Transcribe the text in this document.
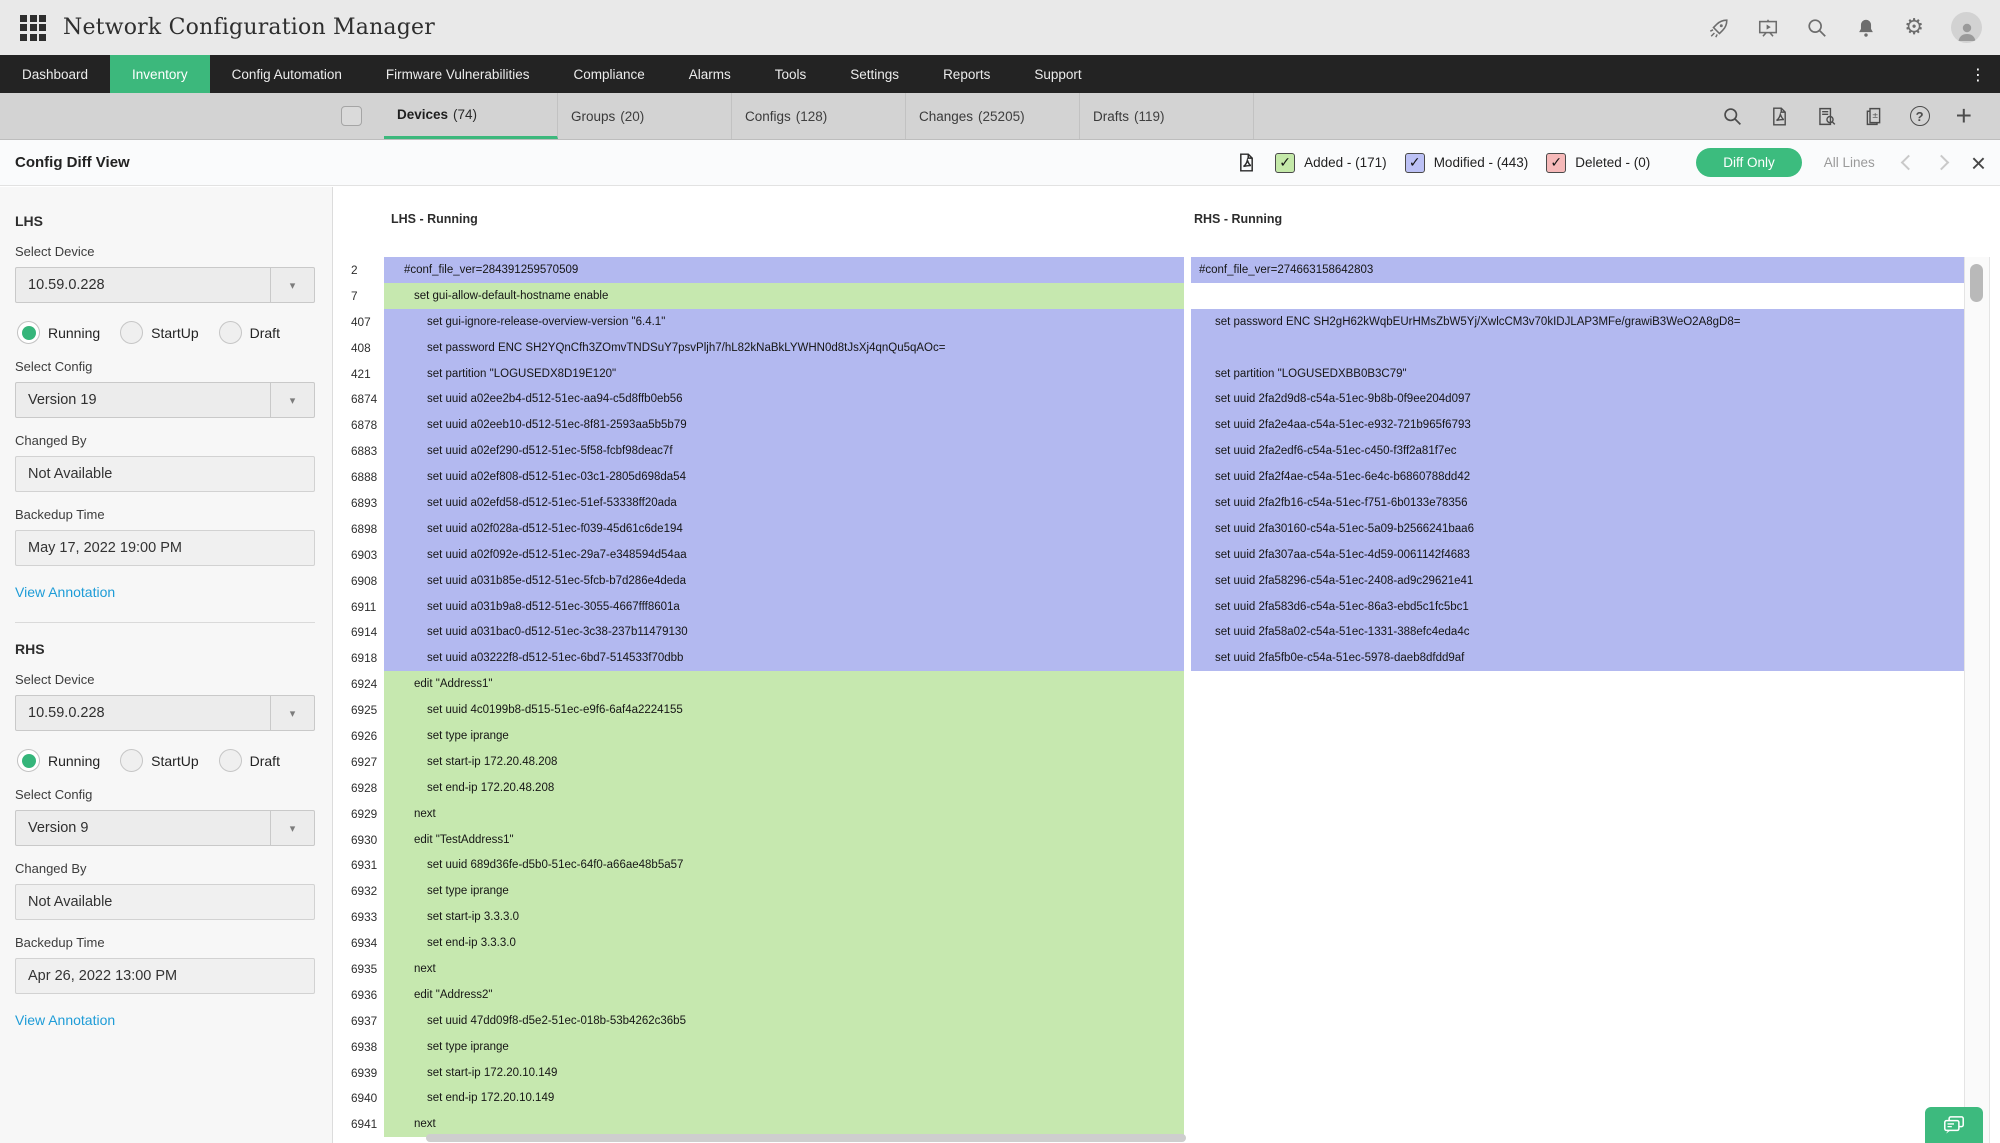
Network Configuration Manager	⚙
Dashboard	Inventory	Config Automation	Firmware Vulnerabilities	Compliance	Alarms	Tools	Settings	Reports	Support	⋮
Devices (74)	Groups (20)	Configs (128)	Changes (25205)	Drafts (119)	±	? +
Config Diff View	✓ Added - (171) ✓ Modified - (443) ✓ Deleted - (0)	Diff Only	All Lines	×
LHS
Select Device
10.59.0.228	▾
Running	StartUp	Draft
Select Config
Version 19	▾
Changed By
Not Available
Backedup Time
May 17, 2022 19:00 PM
View Annotation
RHS
Select Device
10.59.0.228	▾
Running	StartUp	Draft
Select Config
Version 9	▾
Changed By
Not Available
Backedup Time
Apr 26, 2022 13:00 PM
View Annotation
LHS - Running	RHS - Running
2	#conf_file_ver=284391259570509	#conf_file_ver=274663158642803
7	set gui-allow-default-hostname enable
407	set gui-ignore-release-overview-version "6.4.1"	set password ENC SH2gH62kWqbEUrHMsZbW5Yj/XwlcCM3v70kIDJLAP3MFe/grawiB3WeO2A8gD8=
408	set password ENC SH2YQnCfh3ZOmvTNDSuY7psvPljh7/hL82kNaBkLYWHN0d8tJsXj4qnQu5qAOc=
421	set partition "LOGUSEDX8D19E120"	set partition "LOGUSEDXBB0B3C79"
6874	set uuid a02ee2b4-d512-51ec-aa94-c5d8ffb0eb56	set uuid 2fa2d9d8-c54a-51ec-9b8b-0f9ee204d097
6878	set uuid a02eeb10-d512-51ec-8f81-2593aa5b5b79	set uuid 2fa2e4aa-c54a-51ec-e932-721b965f6793
6883	set uuid a02ef290-d512-51ec-5f58-fcbf98deac7f	set uuid 2fa2edf6-c54a-51ec-c450-f3ff2a81f7ec
6888	set uuid a02ef808-d512-51ec-03c1-2805d698da54	set uuid 2fa2f4ae-c54a-51ec-6e4c-b6860788dd42
6893	set uuid a02efd58-d512-51ec-51ef-53338ff20ada	set uuid 2fa2fb16-c54a-51ec-f751-6b0133e78356
6898	set uuid a02f028a-d512-51ec-f039-45d61c6de194	set uuid 2fa30160-c54a-51ec-5a09-b2566241baa6
6903	set uuid a02f092e-d512-51ec-29a7-e348594d54aa	set uuid 2fa307aa-c54a-51ec-4d59-0061142f4683
6908	set uuid a031b85e-d512-51ec-5fcb-b7d286e4deda	set uuid 2fa58296-c54a-51ec-2408-ad9c29621e41
6911	set uuid a031b9a8-d512-51ec-3055-4667fff8601a	set uuid 2fa583d6-c54a-51ec-86a3-ebd5c1fc5bc1
6914	set uuid a031bac0-d512-51ec-3c38-237b11479130	set uuid 2fa58a02-c54a-51ec-1331-388efc4eda4c
6918	set uuid a03222f8-d512-51ec-6bd7-514533f70dbb	set uuid 2fa5fb0e-c54a-51ec-5978-daeb8dfdd9af
6924	edit "Address1"
6925	set uuid 4c0199b8-d515-51ec-e9f6-6af4a2224155
6926	set type iprange
6927	set start-ip 172.20.48.208
6928	set end-ip 172.20.48.208
6929	next
6930	edit "TestAddress1"
6931	set uuid 689d36fe-d5b0-51ec-64f0-a66ae48b5a57
6932	set type iprange
6933	set start-ip 3.3.3.0
6934	set end-ip 3.3.3.0
6935	next
6936	edit "Address2"
6937	set uuid 47dd09f8-d5e2-51ec-018b-53b4262c36b5
6938	set type iprange
6939	set start-ip 172.20.10.149
6940	set end-ip 172.20.10.149
6941	next
